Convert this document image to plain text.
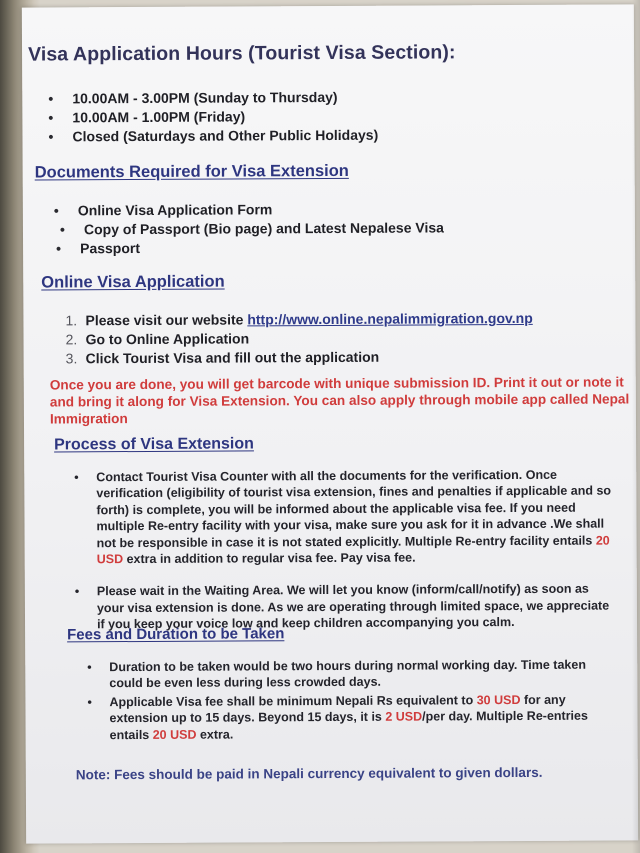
Visa Application Hours (Tourist Visa Section):
• 10.00AM - 3.00PM (Sunday to Thursday)
• 10.00AM - 1.00PM (Friday)
• Closed (Saturdays and Other Public Holidays)
Documents Required for Visa Extension
• Online Visa Application Form
• Copy of Passport (Bio page) and Latest Nepalese Visa
• Passport
Online Visa Application
1. Please visit our website http://www.online.nepalimmigration.gov.np
2. Go to Online Application
3. Click Tourist Visa and fill out the application
Once you are done, you will get barcode with unique submission ID. Print it out or note it and bring it along for Visa Extension. You can also apply through mobile app called Nepal Immigration
Process of Visa Extension
• Contact Tourist Visa Counter with all the documents for the verification. Once verification (eligibility of tourist visa extension, fines and penalties if applicable and so forth) is complete, you will be informed about the applicable visa fee. If you need multiple Re-entry facility with your visa, make sure you ask for it in advance .We shall not be responsible in case it is not stated explicitly. Multiple Re-entry facility entails 20 USD extra in addition to regular visa fee. Pay visa fee.
• Please wait in the Waiting Area. We will let you know (inform/call/notify) as soon as your visa extension is done. As we are operating through limited space, we appreciate if you keep your voice low and keep children accompanying you calm.
Fees and Duration to be Taken
• Duration to be taken would be two hours during normal working day. Time taken could be even less during less crowded days.
• Applicable Visa fee shall be minimum Nepali Rs equivalent to 30 USD for any extension up to 15 days. Beyond 15 days, it is 2 USD/per day. Multiple Re-entries entails 20 USD extra.
Note: Fees should be paid in Nepali currency equivalent to given dollars.
